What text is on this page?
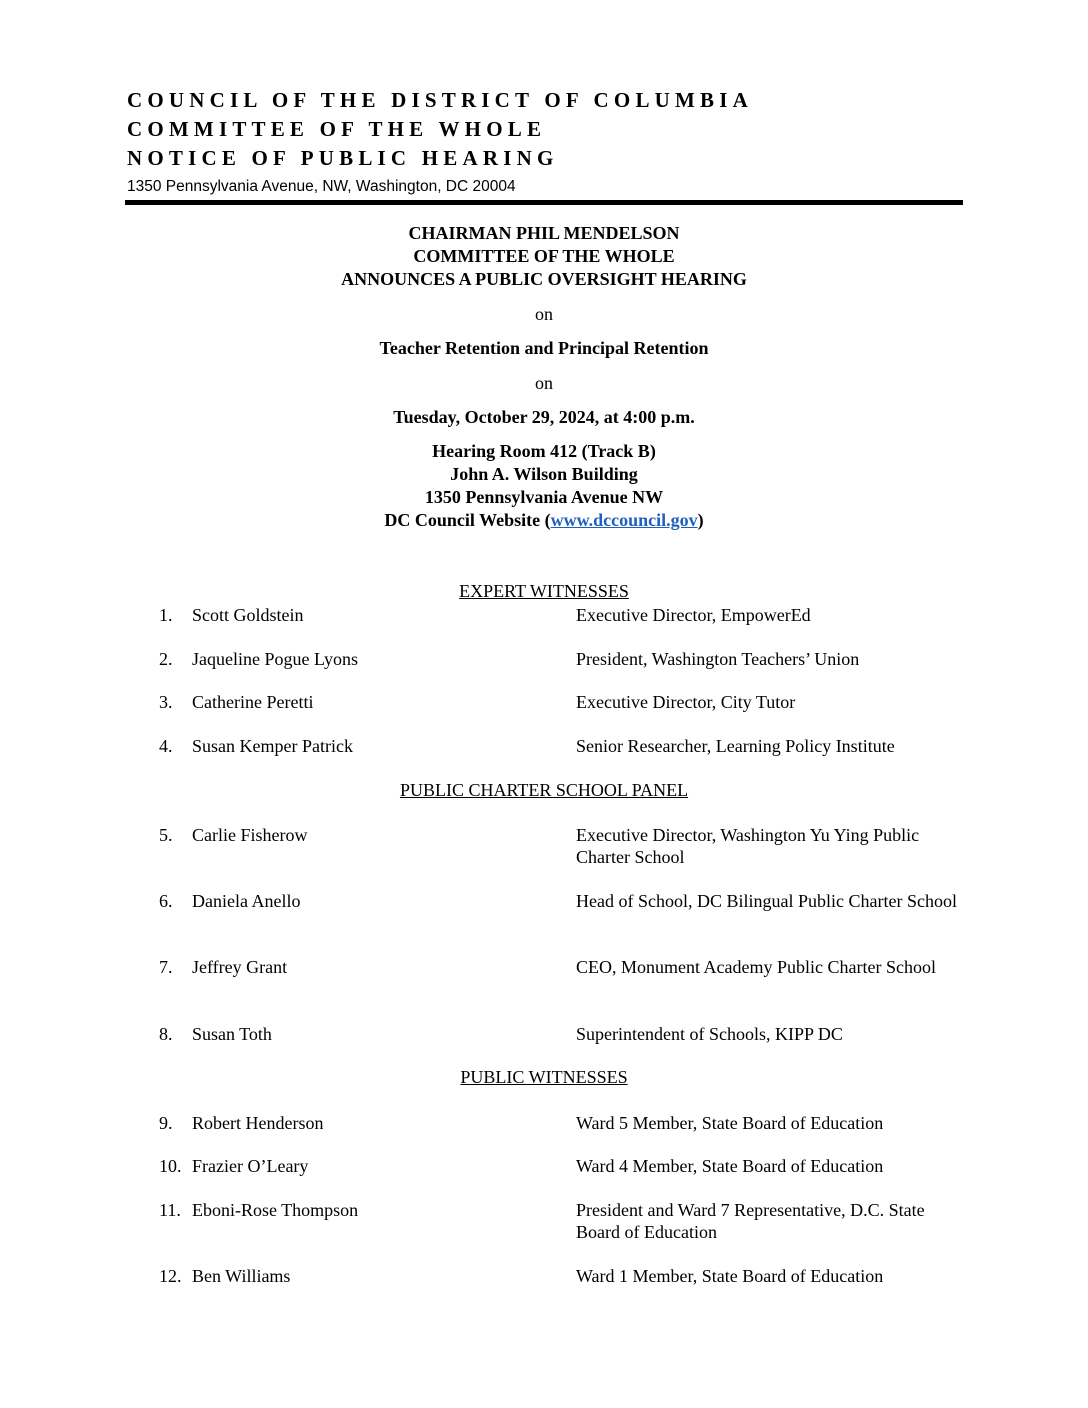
COUNCIL OF THE DISTRICT OF COLUMBIA
COMMITTEE OF THE WHOLE
NOTICE OF PUBLIC HEARING
1350 Pennsylvania Avenue, NW, Washington, DC 20004
CHAIRMAN PHIL MENDELSON
COMMITTEE OF THE WHOLE
ANNOUNCES A PUBLIC OVERSIGHT HEARING
on
Teacher Retention and Principal Retention
on
Tuesday, October 29, 2024, at 4:00 p.m.
Hearing Room 412 (Track B)
John A. Wilson Building
1350 Pennsylvania Avenue NW
DC Council Website (www.dccouncil.gov)
EXPERT WITNESSES
PUBLIC CHARTER SCHOOL PANEL
PUBLIC WITNESSES
1. Scott Goldstein	Executive Director, EmpowerEd
2. Jaqueline Pogue Lyons	President, Washington Teachers’ Union
3. Catherine Peretti	Executive Director, City Tutor
4. Susan Kemper Patrick	Senior Researcher, Learning Policy Institute
5. Carlie Fisherow	Executive Director, Washington Yu Ying Public Charter School
6. Daniela Anello	Head of School, DC Bilingual Public Charter School
7. Jeffrey Grant	CEO, Monument Academy Public Charter School
8. Susan Toth	Superintendent of Schools, KIPP DC
9. Robert Henderson	Ward 5 Member, State Board of Education
10. Frazier O’Leary	Ward 4 Member, State Board of Education
11. Eboni-Rose Thompson	President and Ward 7 Representative, D.C. State Board of Education
12. Ben Williams	Ward 1 Member, State Board of Education
